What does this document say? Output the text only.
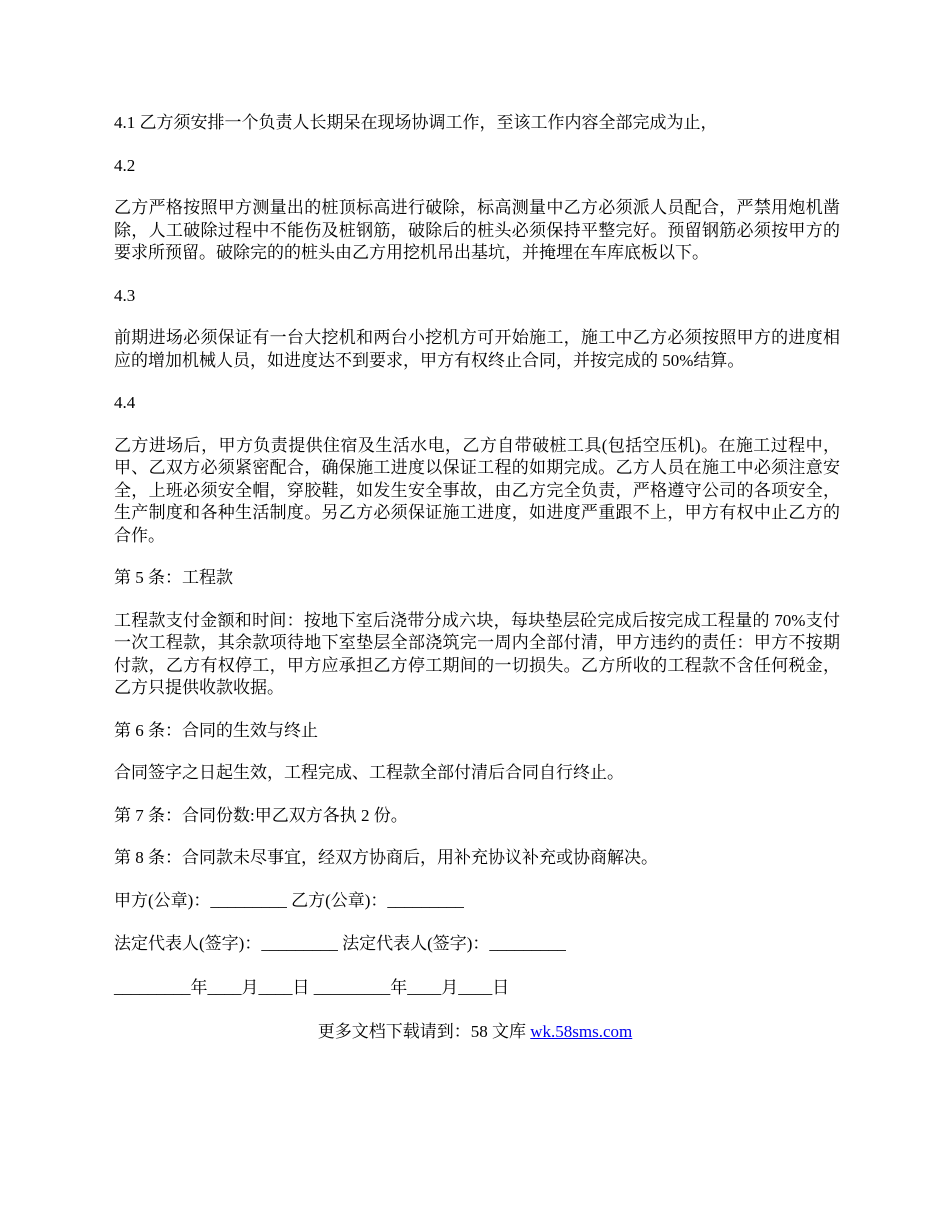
4.1 乙方须安排一个负责人长期呆在现场协调工作，至该工作内容全部完成为止，

4.2

乙方严格按照甲方测量出的桩顶标高进行破除，标高测量中乙方必须派人员配合，严禁用炮机凿除，人工破除过程中不能伤及桩钢筋，破除后的桩头必须保持平整完好。预留钢筋必须按甲方的要求所预留。破除完的的桩头由乙方用挖机吊出基坑，并掩埋在车库底板以下。

4.3

前期进场必须保证有一台大挖机和两台小挖机方可开始施工，施工中乙方必须按照甲方的进度相应的增加机械人员，如进度达不到要求，甲方有权终止合同，并按完成的 50%结算。

4.4

乙方进场后，甲方负责提供住宿及生活水电，乙方自带破桩工具(包括空压机)。在施工过程中，甲、乙双方必须紧密配合，确保施工进度以保证工程的如期完成。乙方人员在施工中必须注意安全，上班必须安全帽，穿胶鞋，如发生安全事故，由乙方完全负责，严格遵守公司的各项安全，生产制度和各种生活制度。另乙方必须保证施工进度，如进度严重跟不上，甲方有权中止乙方的合作。

第 5 条：工程款

工程款支付金额和时间：按地下室后浇带分成六块，每块垫层砼完成后按完成工程量的 70%支付一次工程款，其余款项待地下室垫层全部浇筑完一周内全部付清，甲方违约的责任：甲方不按期付款，乙方有权停工，甲方应承担乙方停工期间的一切损失。乙方所收的工程款不含任何税金，乙方只提供收款收据。

第 6 条：合同的生效与终止

合同签字之日起生效，工程完成、工程款全部付清后合同自行终止。

第 7 条：合同份数:甲乙双方各执 2 份。

第 8 条：合同款未尽事宜，经双方协商后，用补充协议补充或协商解决。

甲方(公章)：_________ 乙方(公章)：_________

法定代表人(签字)：_________ 法定代表人(签字)：_________

_________年____月____日 _________年____月____日

更多文档下载请到：58 文库 wk.58sms.com
